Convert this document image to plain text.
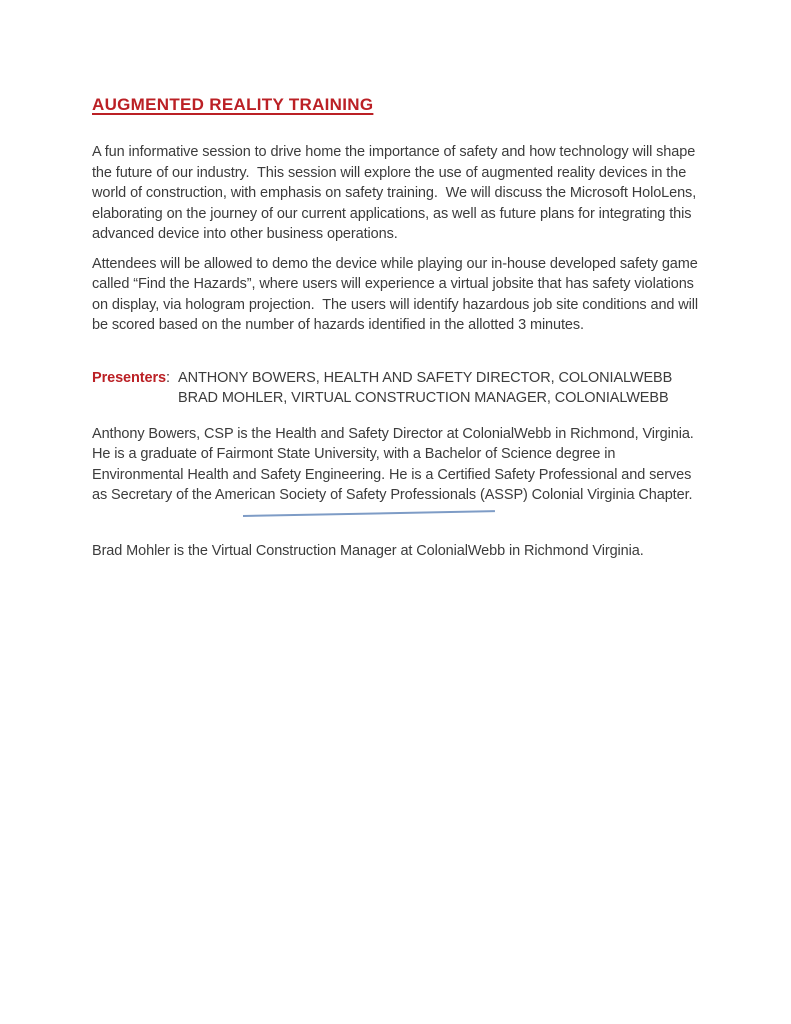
AUGMENTED REALITY TRAINING

A fun informative session to drive home the importance of safety and how technology will shape the future of our industry.  This session will explore the use of augmented reality devices in the world of construction, with emphasis on safety training.  We will discuss the Microsoft HoloLens, elaborating on the journey of our current applications, as well as future plans for integrating this advanced device into other business operations.

Attendees will be allowed to demo the device while playing our in-house developed safety game called “Find the Hazards”, where users will experience a virtual jobsite that has safety violations on display, via hologram projection.  The users will identify hazardous job site conditions and will be scored based on the number of hazards identified in the allotted 3 minutes.

Presenters: ANTHONY BOWERS, HEALTH AND SAFETY DIRECTOR, COLONIALWEBB
BRAD MOHLER, VIRTUAL CONSTRUCTION MANAGER, COLONIALWEBB

Anthony Bowers, CSP is the Health and Safety Director at ColonialWebb in Richmond, Virginia. He is a graduate of Fairmont State University, with a Bachelor of Science degree in Environmental Health and Safety Engineering. He is a Certified Safety Professional and serves as Secretary of the American Society of Safety Professionals (ASSP) Colonial Virginia Chapter.

Brad Mohler is the Virtual Construction Manager at ColonialWebb in Richmond Virginia.
